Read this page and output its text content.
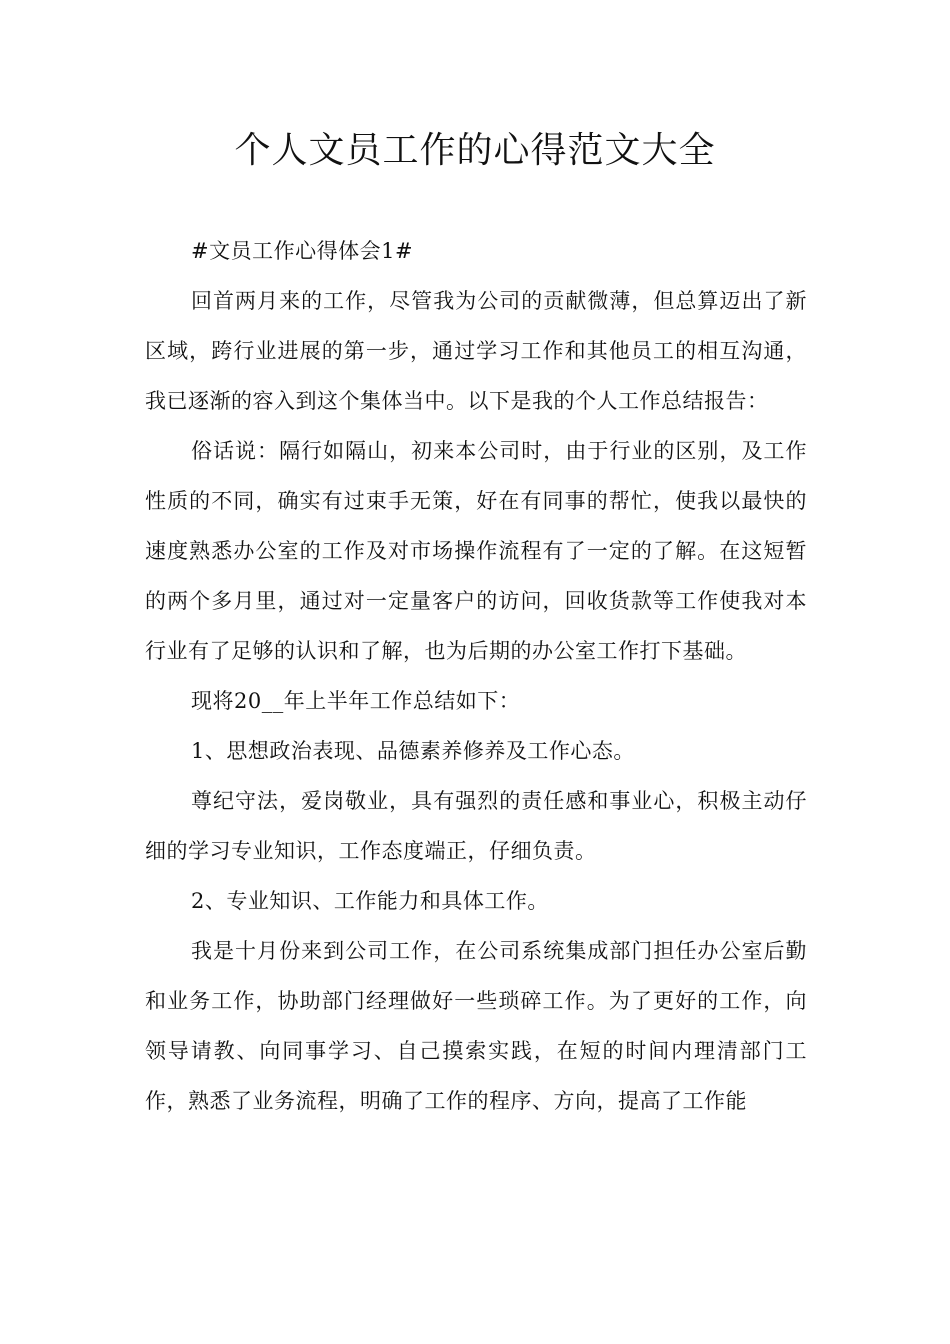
个人文员工作的心得范文大全

#文员工作心得体会1#

回首两月来的工作，尽管我为公司的贡献微薄，但总算迈出了新区域，跨行业进展的第一步，通过学习工作和其他员工的相互沟通，我已逐渐的容入到这个集体当中。以下是我的个人工作总结报告：

俗话说：隔行如隔山，初来本公司时，由于行业的区别，及工作性质的不同，确实有过束手无策，好在有同事的帮忙，使我以最快的速度熟悉办公室的工作及对市场操作流程有了一定的了解。在这短暂的两个多月里，通过对一定量客户的访问，回收货款等工作使我对本行业有了足够的认识和了解，也为后期的办公室工作打下基础。

现将20__年上半年工作总结如下：

1、思想政治表现、品德素养修养及工作心态。

尊纪守法，爱岗敬业，具有强烈的责任感和事业心，积极主动仔细的学习专业知识，工作态度端正，仔细负责。

2、专业知识、工作能力和具体工作。

我是十月份来到公司工作，在公司系统集成部门担任办公室后勤和业务工作，协助部门经理做好一些琐碎工作。为了更好的工作，向领导请教、向同事学习、自己摸索实践，在短的时间内理清部门工作，熟悉了业务流程，明确了工作的程序、方向，提高了工作能
